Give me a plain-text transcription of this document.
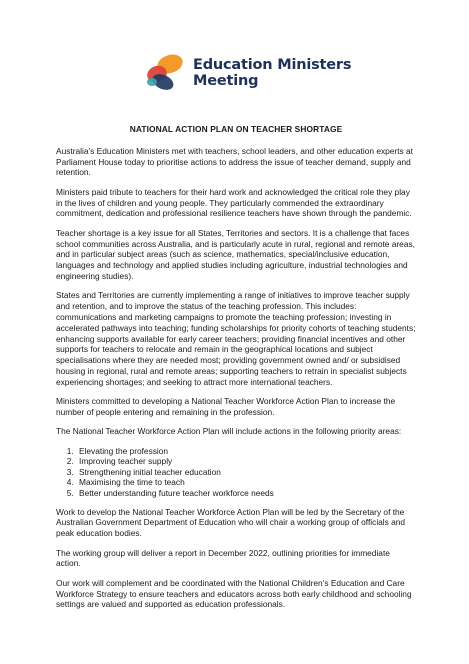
Education Ministers
Meeting
NATIONAL ACTION PLAN ON TEACHER SHORTAGE

Australia’s Education Ministers met with teachers, school leaders, and other education experts at Parliament House today to prioritise actions to address the issue of teacher demand, supply and retention.

Ministers paid tribute to teachers for their hard work and acknowledged the critical role they play in the lives of children and young people. They particularly commended the extraordinary commitment, dedication and professional resilience teachers have shown through the pandemic.

Teacher shortage is a key issue for all States, Territories and sectors. It is a challenge that faces school communities across Australia, and is particularly acute in rural, regional and remote areas, and in particular subject areas (such as science, mathematics, special/inclusive education, languages and technology and applied studies including agriculture, industrial technologies and engineering studies).

States and Territories are currently implementing a range of initiatives to improve teacher supply and retention, and to improve the status of the teaching profession. This includes: communications and marketing campaigns to promote the teaching profession; investing in accelerated pathways into teaching; funding scholarships for priority cohorts of teaching students; enhancing supports available for early career teachers; providing financial incentives and other supports for teachers to relocate and remain in the geographical locations and subject specialisations where they are needed most; providing government owned and/ or subsidised housing in regional, rural and remote areas; supporting teachers to retrain in specialist subjects experiencing shortages; and seeking to attract more international teachers.

Ministers committed to developing a National Teacher Workforce Action Plan to increase the number of people entering and remaining in the profession.

The National Teacher Workforce Action Plan will include actions in the following priority areas:

1. Elevating the profession
2. Improving teacher supply
3. Strengthening initial teacher education
4. Maximising the time to teach
5. Better understanding future teacher workforce needs

Work to develop the National Teacher Workforce Action Plan will be led by the Secretary of the Australian Government Department of Education who will chair a working group of officials and peak education bodies.

The working group will deliver a report in December 2022, outlining priorities for immediate action.

Our work will complement and be coordinated with the National Children’s Education and Care Workforce Strategy to ensure teachers and educators across both early childhood and schooling settings are valued and supported as education professionals.
